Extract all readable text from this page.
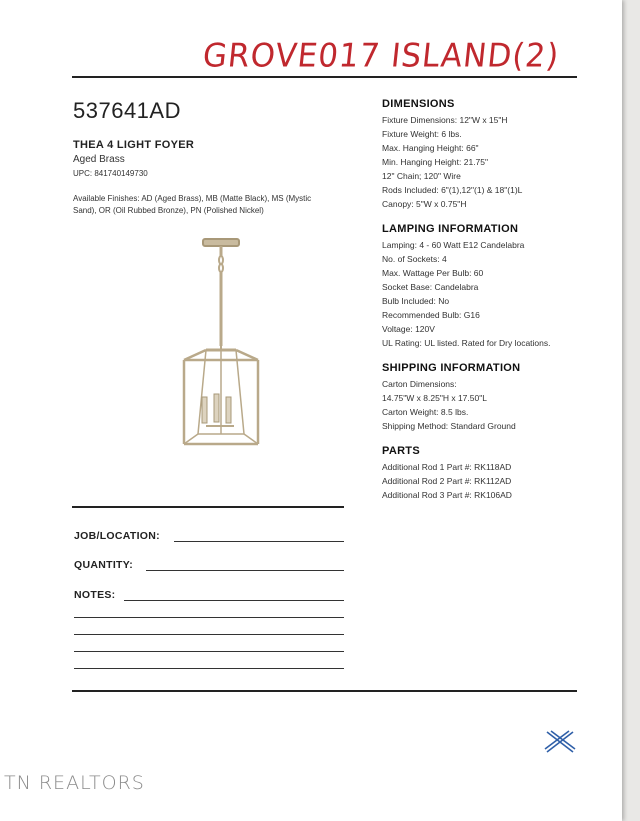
GROVE017 ISLAND(2)
537641AD
THEA 4 LIGHT FOYER
Aged Brass
UPC: 841740149730
Available Finishes: AD (Aged Brass), MB (Matte Black), MS (Mystic Sand), OR (Oil Rubbed Bronze), PN (Polished Nickel)
DIMENSIONS
Fixture Dimensions: 12"W x 15"H
Fixture Weight: 6 lbs.
Max. Hanging Height: 66"
Min. Hanging Height: 21.75"
12" Chain; 120" Wire
Rods Included: 6"(1),12"(1) & 18"(1)L
Canopy: 5"W x 0.75"H
LAMPING INFORMATION
Lamping: 4 - 60 Watt E12 Candelabra
No. of Sockets: 4
Max. Wattage Per Bulb: 60
Socket Base: Candelabra
Bulb Included: No
Recommended Bulb: G16
Voltage: 120V
UL Rating: UL listed. Rated for Dry locations.
SHIPPING INFORMATION
Carton Dimensions:
14.75"W x 8.25"H x 17.50"L
Carton Weight: 8.5 lbs.
Shipping Method: Standard Ground
PARTS
Additional Rod 1 Part #: RK118AD
Additional Rod 2 Part #: RK112AD
Additional Rod 3 Part #: RK106AD
JOB/LOCATION:
QUANTITY:
NOTES:
TN REALTORS
